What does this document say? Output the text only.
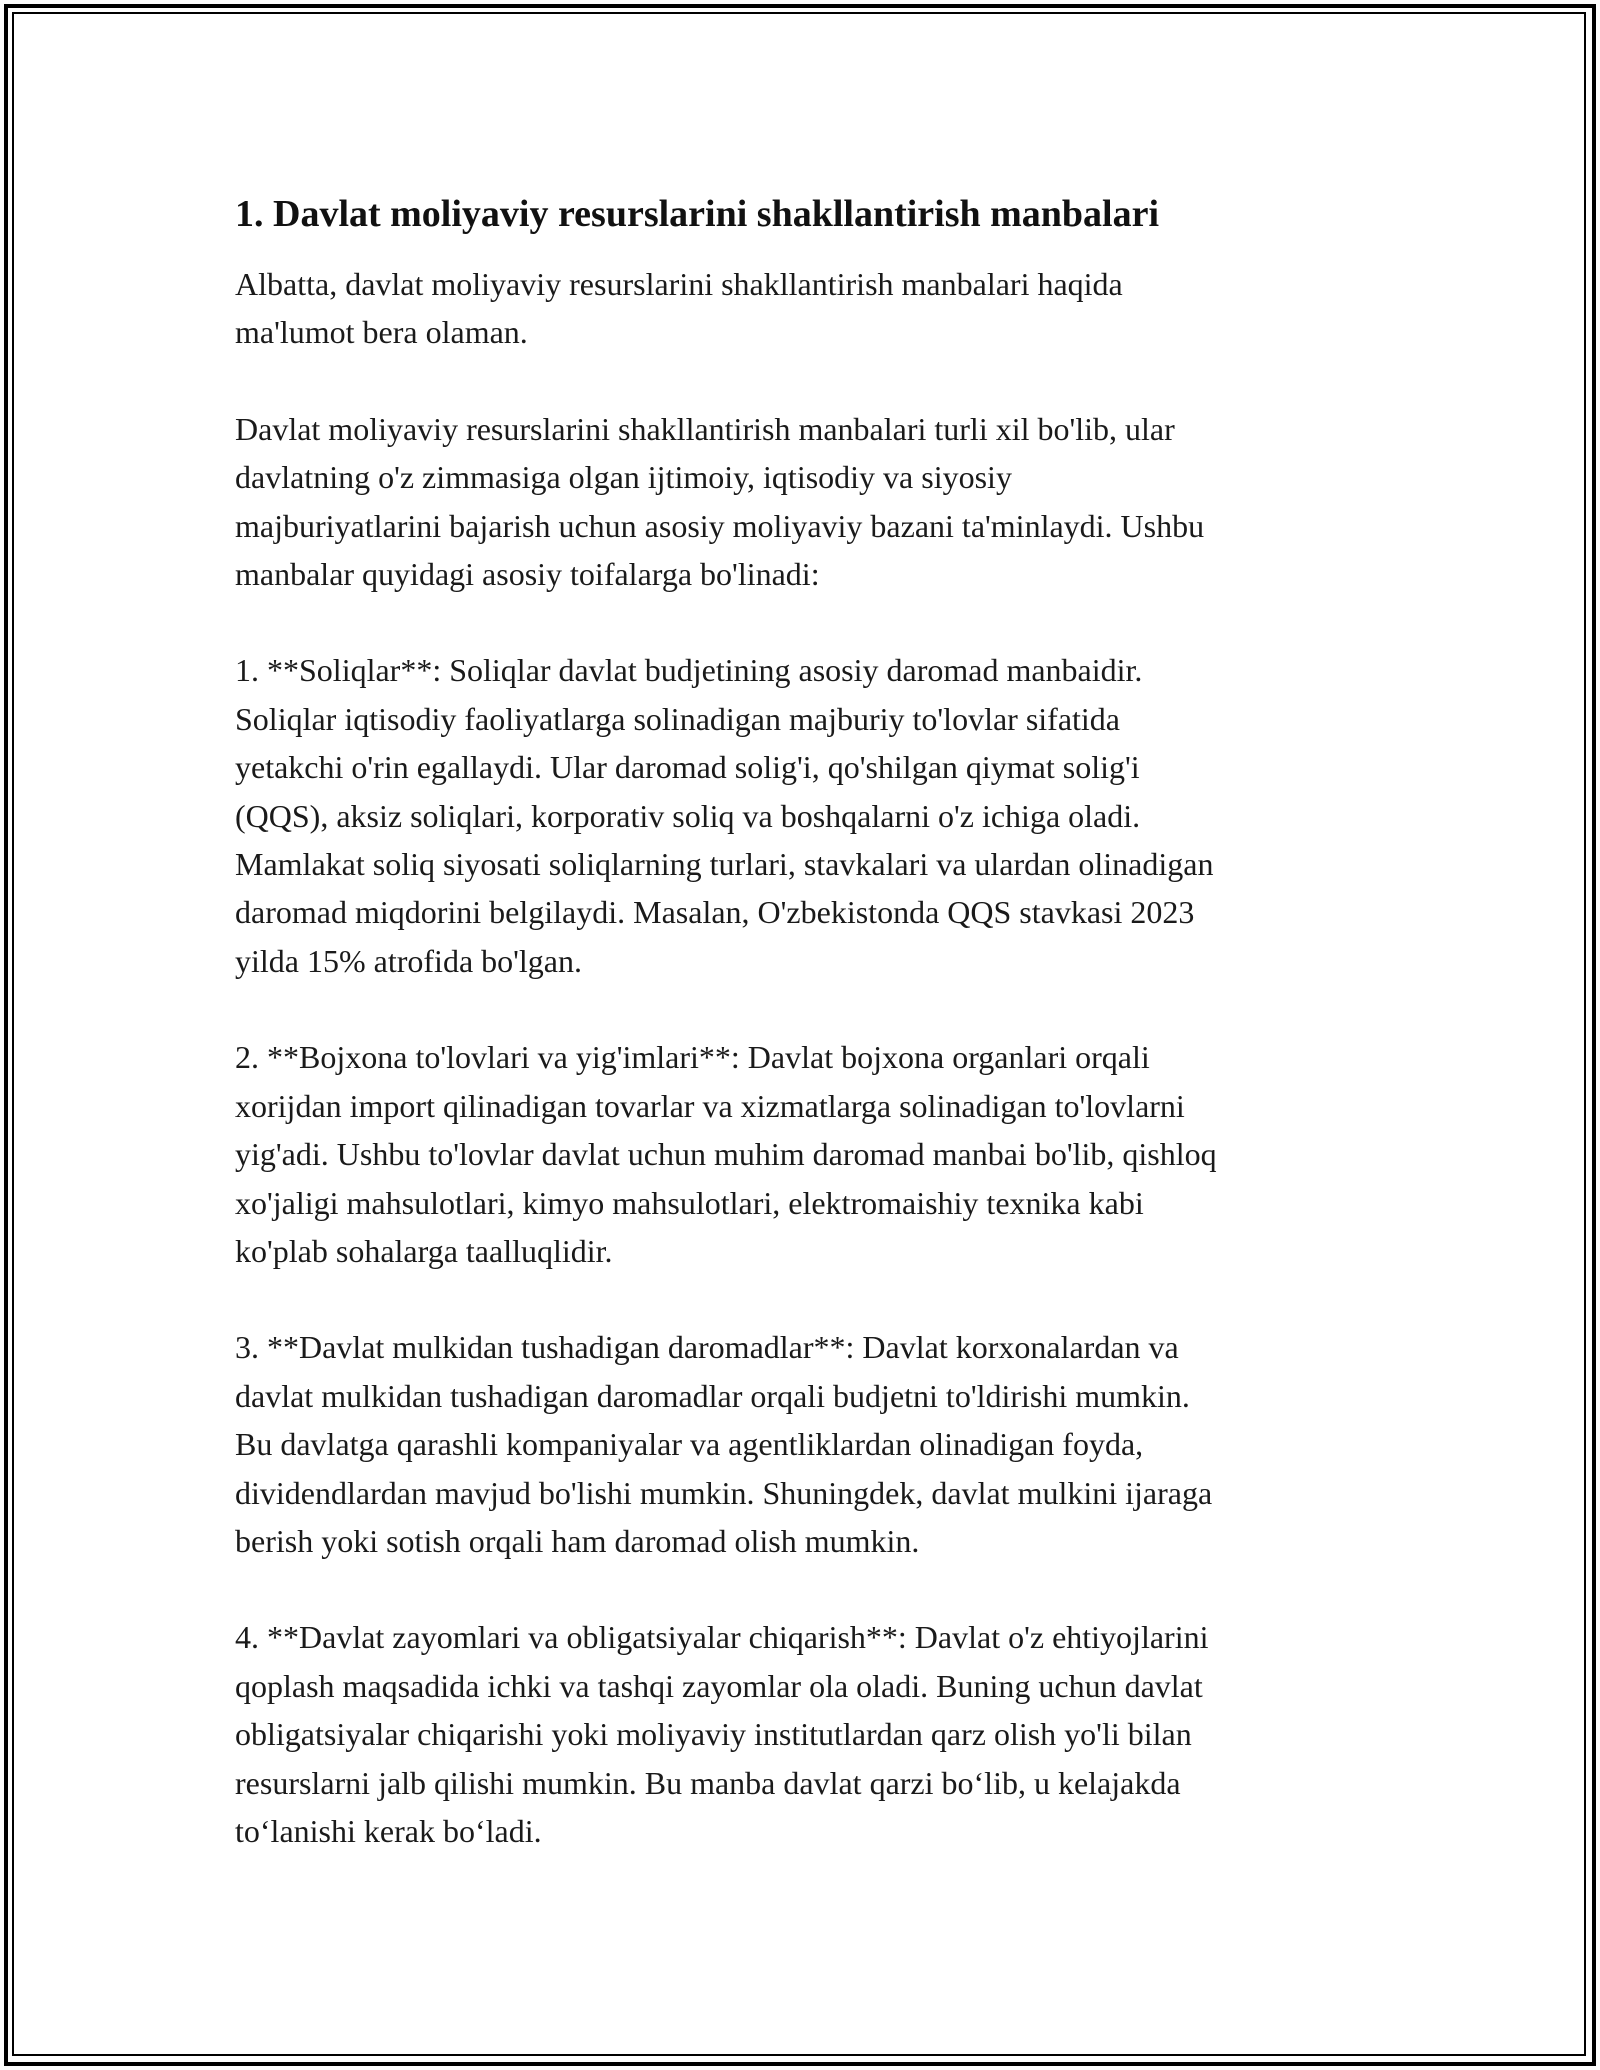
1. Davlat moliyaviy resurslarini shakllantirish manbalari

Albatta, davlat moliyaviy resurslarini shakllantirish manbalari haqida
ma'lumot bera olaman.

Davlat moliyaviy resurslarini shakllantirish manbalari turli xil bo'lib, ular
davlatning o'z zimmasiga olgan ijtimoiy, iqtisodiy va siyosiy
majburiyatlarini bajarish uchun asosiy moliyaviy bazani ta'minlaydi. Ushbu
manbalar quyidagi asosiy toifalarga bo'linadi:

1. **Soliqlar**: Soliqlar davlat budjetining asosiy daromad manbaidir.
Soliqlar iqtisodiy faoliyatlarga solinadigan majburiy to'lovlar sifatida
yetakchi o'rin egallaydi. Ular daromad solig'i, qo'shilgan qiymat solig'i
(QQS), aksiz soliqlari, korporativ soliq va boshqalarni o'z ichiga oladi.
Mamlakat soliq siyosati soliqlarning turlari, stavkalari va ulardan olinadigan
daromad miqdorini belgilaydi. Masalan, O'zbekistonda QQS stavkasi 2023
yilda 15% atrofida bo'lgan.

2. **Bojxona to'lovlari va yig'imlari**: Davlat bojxona organlari orqali
xorijdan import qilinadigan tovarlar va xizmatlarga solinadigan to'lovlarni
yig'adi. Ushbu to'lovlar davlat uchun muhim daromad manbai bo'lib, qishloq
xo'jaligi mahsulotlari, kimyo mahsulotlari, elektromaishiy texnika kabi
ko'plab sohalarga taalluqlidir.

3. **Davlat mulkidan tushadigan daromadlar**: Davlat korxonalardan va
davlat mulkidan tushadigan daromadlar orqali budjetni to'ldirishi mumkin.
Bu davlatga qarashli kompaniyalar va agentliklardan olinadigan foyda,
dividendlardan mavjud bo'lishi mumkin. Shuningdek, davlat mulkini ijaraga
berish yoki sotish orqali ham daromad olish mumkin.

4. **Davlat zayomlari va obligatsiyalar chiqarish**: Davlat o'z ehtiyojlarini
qoplash maqsadida ichki va tashqi zayomlar ola oladi. Buning uchun davlat
obligatsiyalar chiqarishi yoki moliyaviy institutlardan qarz olish yo'li bilan
resurslarni jalb qilishi mumkin. Bu manba davlat qarzi bo‘lib, u kelajakda
to‘lanishi kerak bo‘ladi.
